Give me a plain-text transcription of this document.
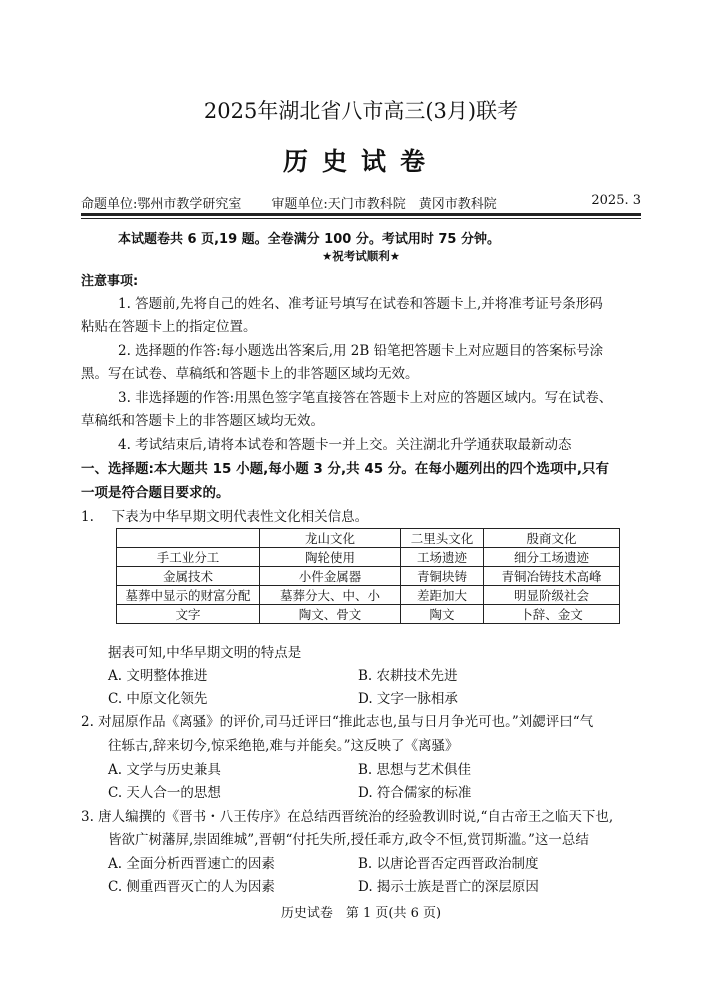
2025年湖北省八市高三(3月)联考
历史试卷
命题单位:鄂州市教学研究室 审题单位:天门市教科院　黄冈市教科院	2025. 3
本试题卷共 6 页,19 题。全卷满分 100 分。考试用时 75 分钟。
★祝考试顺利★
注意事项:
1. 答题前,先将自己的姓名、准考证号填写在试卷和答题卡上,并将准考证号条形码
粘贴在答题卡上的指定位置。
2. 选择题的作答:每小题选出答案后,用 2B 铅笔把答题卡上对应题目的答案标号涂
黑。写在试卷、草稿纸和答题卡上的非答题区域均无效。
3. 非选择题的作答:用黑色签字笔直接答在答题卡上对应的答题区域内。写在试卷、
草稿纸和答题卡上的非答题区域均无效。
4. 考试结束后,请将本试卷和答题卡一并上交。关注湖北升学通获取最新动态
一、选择题:本大题共 15 小题,每小题 3 分,共 45 分。在每小题列出的四个选项中,只有
一项是符合题目要求的。
1.　 下表为中华早期文明代表性文化相关信息。
	龙山文化	二里头文化	殷商文化
手工业分工	陶轮使用	工场遗迹	细分工场遗迹
金属技术	小件金属器	青铜块铸	青铜冶铸技术高峰
墓葬中显示的财富分配	墓葬分大、中、小	差距加大	明显阶级社会
文字	陶文、骨文	陶文	卜辞、金文
据表可知,中华早期文明的特点是
A. 文明整体推进	B. 农耕技术先进
C. 中原文化领先	D. 文字一脉相承
2. 对屈原作品《离骚》的评价,司马迁评曰“推此志也,虽与日月争光可也。”刘勰评曰“气
往轹古,辞来切今,惊采绝艳,难与并能矣。”这反映了《离骚》
A. 文学与历史兼具	B. 思想与艺术俱佳
C. 天人合一的思想	D. 符合儒家的标准
3. 唐人编撰的《晋书・八王传序》在总结西晋统治的经验教训时说,“自古帝王之临天下也,
皆欲广树藩屏,崇固维城”,晋朝“付托失所,授任乖方,政令不恒,赏罚斯滥。”这一总结
A. 全面分析西晋速亡的因素	B. 以唐论晋否定西晋政治制度
C. 侧重西晋灭亡的人为因素	D. 揭示士族是晋亡的深层原因
历史试卷　第 1 页(共 6 页)
